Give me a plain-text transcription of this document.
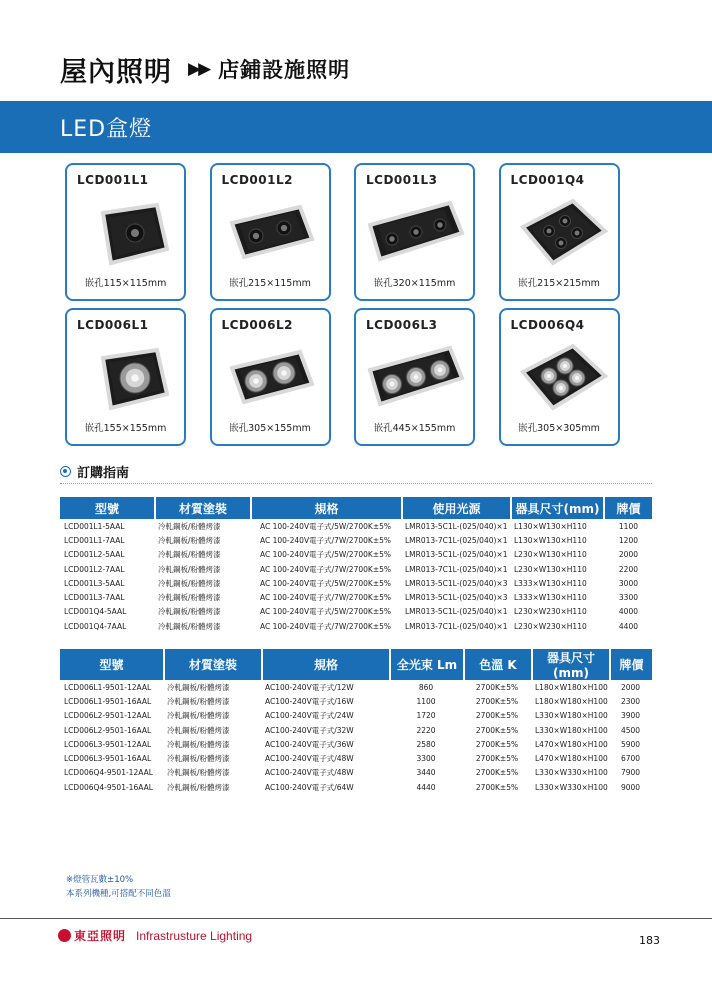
屋內照明 ▶▶ 店鋪設施照明
LED盒燈
LCD001L1
嵌孔115×115mm
LCD001L2
嵌孔215×115mm
LCD001L3
嵌孔320×115mm
LCD001Q4
嵌孔215×215mm
LCD006L1
嵌孔155×155mm
LCD006L2
嵌孔305×155mm
LCD006L3
嵌孔445×155mm
LCD006Q4
嵌孔305×305mm
訂購指南
型號	材質塗裝	規格	使用光源	器具尺寸(mm)	牌價
LCD001L1-5AAL	冷軋鋼板/粉體烤漆	AC 100-240V電子式/5W/2700K±5%	LMR013-5C1L-(025/040)×1	L130×W130×H110	1100
LCD001L1-7AAL	冷軋鋼板/粉體烤漆	AC 100-240V電子式/7W/2700K±5%	LMR013-7C1L-(025/040)×1	L130×W130×H110	1200
LCD001L2-5AAL	冷軋鋼板/粉體烤漆	AC 100-240V電子式/5W/2700K±5%	LMR013-5C1L-(025/040)×1	L230×W130×H110	2000
LCD001L2-7AAL	冷軋鋼板/粉體烤漆	AC 100-240V電子式/7W/2700K±5%	LMR013-7C1L-(025/040)×1	L230×W130×H110	2200
LCD001L3-5AAL	冷軋鋼板/粉體烤漆	AC 100-240V電子式/5W/2700K±5%	LMR013-5C1L-(025/040)×3	L333×W130×H110	3000
LCD001L3-7AAL	冷軋鋼板/粉體烤漆	AC 100-240V電子式/7W/2700K±5%	LMR013-5C1L-(025/040)×3	L333×W130×H110	3300
LCD001Q4-5AAL	冷軋鋼板/粉體烤漆	AC 100-240V電子式/5W/2700K±5%	LMR013-5C1L-(025/040)×1	L230×W230×H110	4000
LCD001Q4-7AAL	冷軋鋼板/粉體烤漆	AC 100-240V電子式/7W/2700K±5%	LMR013-7C1L-(025/040)×1	L230×W230×H110	4400
型號	材質塗裝	規格	全光束 Lm	色溫 K	器具尺寸(mm)	牌價
LCD006L1-9501-12AAL	冷軋鋼板/粉體烤漆	AC100-240V電子式/12W	860	2700K±5%	L180×W180×H100	2000
LCD006L1-9501-16AAL	冷軋鋼板/粉體烤漆	AC100-240V電子式/16W	1100	2700K±5%	L180×W180×H100	2300
LCD006L2-9501-12AAL	冷軋鋼板/粉體烤漆	AC100-240V電子式/24W	1720	2700K±5%	L330×W180×H100	3900
LCD006L2-9501-16AAL	冷軋鋼板/粉體烤漆	AC100-240V電子式/32W	2220	2700K±5%	L330×W180×H100	4500
LCD006L3-9501-12AAL	冷軋鋼板/粉體烤漆	AC100-240V電子式/36W	2580	2700K±5%	L470×W180×H100	5900
LCD006L3-9501-16AAL	冷軋鋼板/粉體烤漆	AC100-240V電子式/48W	3300	2700K±5%	L470×W180×H100	6700
LCD006Q4-9501-12AAL	冷軋鋼板/粉體烤漆	AC100-240V電子式/48W	3440	2700K±5%	L330×W330×H100	7900
LCD006Q4-9501-16AAL	冷軋鋼板/粉體烤漆	AC100-240V電子式/64W	4440	2700K±5%	L330×W330×H100	9000
※燈管瓦數±10%
本系列機種,可搭配不同色溫
東亞照明 Infrastrusture Lighting	183
